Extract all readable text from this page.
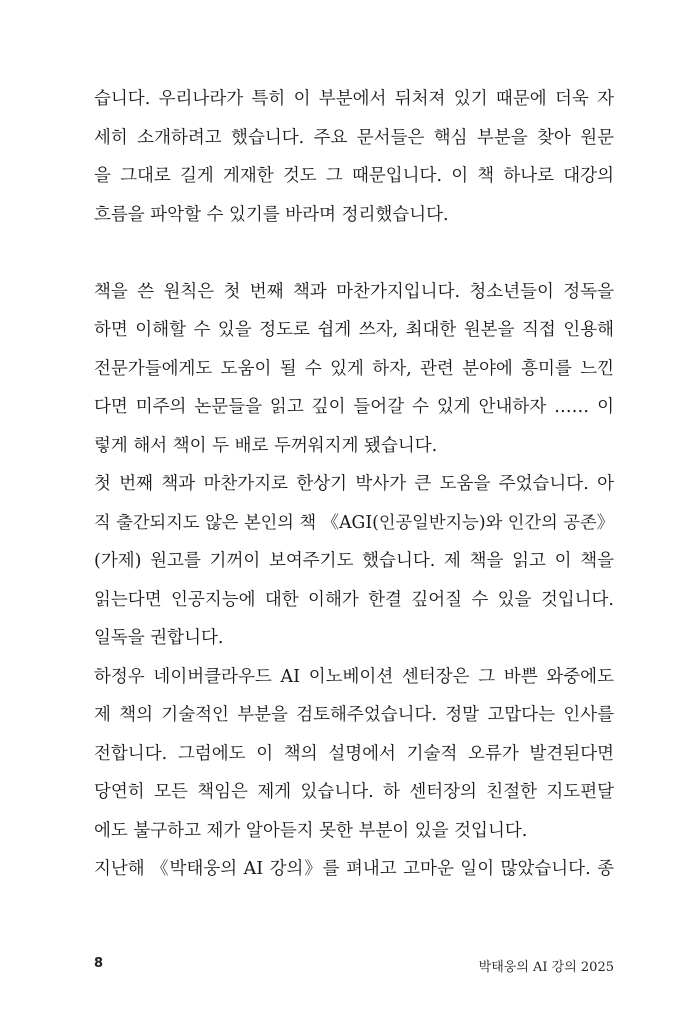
습니다. 우리나라가 특히 이 부분에서 뒤처져 있기 때문에 더욱 자
세히 소개하려고 했습니다. 주요 문서들은 핵심 부분을 찾아 원문
을 그대로 길게 게재한 것도 그 때문입니다. 이 책 하나로 대강의
흐름을 파악할 수 있기를 바라며 정리했습니다.

책을 쓴 원칙은 첫 번째 책과 마찬가지입니다. 청소년들이 정독을
하면 이해할 수 있을 정도로 쉽게 쓰자, 최대한 원본을 직접 인용해
전문가들에게도 도움이 될 수 있게 하자, 관련 분야에 흥미를 느낀
다면 미주의 논문들을 읽고 깊이 들어갈 수 있게 안내하자 …… 이
렇게 해서 책이 두 배로 두꺼워지게 됐습니다.

첫 번째 책과 마찬가지로 한상기 박사가 큰 도움을 주었습니다. 아
직 출간되지도 않은 본인의 책 《AGI(인공일반지능)와 인간의 공존》
(가제) 원고를 기꺼이 보여주기도 했습니다. 제 책을 읽고 이 책을
읽는다면 인공지능에 대한 이해가 한결 깊어질 수 있을 것입니다.
일독을 권합니다.

하정우 네이버클라우드 AI 이노베이션 센터장은 그 바쁜 와중에도
제 책의 기술적인 부분을 검토해주었습니다. 정말 고맙다는 인사를
전합니다. 그럼에도 이 책의 설명에서 기술적 오류가 발견된다면
당연히 모든 책임은 제게 있습니다. 하 센터장의 친절한 지도편달
에도 불구하고 제가 알아듣지 못한 부분이 있을 것입니다.

지난해 《박태웅의 AI 강의》를 펴내고 고마운 일이 많았습니다. 종

8	박태웅의 AI 강의 2025
